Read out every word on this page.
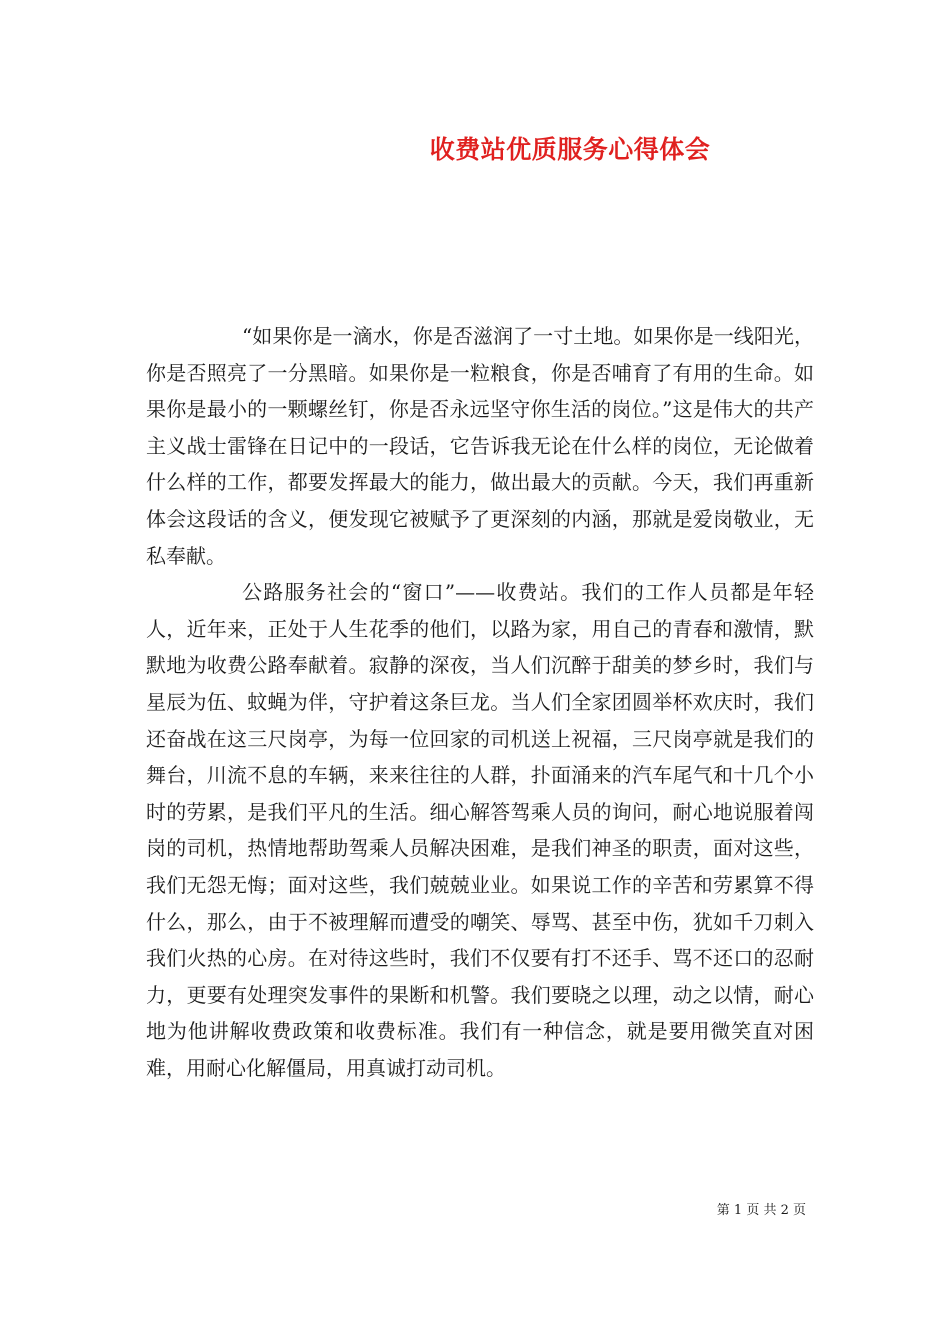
收费站优质服务心得体会

“如果你是一滴水，你是否滋润了一寸土地。如果你是一线阳光，你是否照亮了一分黑暗。如果你是一粒粮食，你是否哺育了有用的生命。如果你是最小的一颗螺丝钉，你是否永远坚守你生活的岗位。”这是伟大的共产主义战士雷锋在日记中的一段话，它告诉我无论在什么样的岗位，无论做着什么样的工作，都要发挥最大的能力，做出最大的贡献。今天，我们再重新体会这段话的含义，便发现它被赋予了更深刻的内涵，那就是爱岗敬业，无私奉献。

公路服务社会的“窗口”——收费站。我们的工作人员都是年轻人，近年来，正处于人生花季的他们，以路为家，用自己的青春和激情，默默地为收费公路奉献着。寂静的深夜，当人们沉醉于甜美的梦乡时，我们与星辰为伍、蚊蝇为伴，守护着这条巨龙。当人们全家团圆举杯欢庆时，我们还奋战在这三尺岗亭，为每一位回家的司机送上祝福，三尺岗亭就是我们的舞台，川流不息的车辆，来来往往的人群，扑面涌来的汽车尾气和十几个小时的劳累，是我们平凡的生活。细心解答驾乘人员的询问，耐心地说服着闯岗的司机，热情地帮助驾乘人员解决困难，是我们神圣的职责，面对这些，我们无怨无悔；面对这些，我们兢兢业业。如果说工作的辛苦和劳累算不得什么，那么，由于不被理解而遭受的嘲笑、辱骂、甚至中伤，犹如千刀刺入我们火热的心房。在对待这些时，我们不仅要有打不还手、骂不还口的忍耐力，更要有处理突发事件的果断和机警。我们要晓之以理，动之以情，耐心地为他讲解收费政策和收费标准。我们有一种信念，就是要用微笑直对困难，用耐心化解僵局，用真诚打动司机。

第 1 页 共 2 页
